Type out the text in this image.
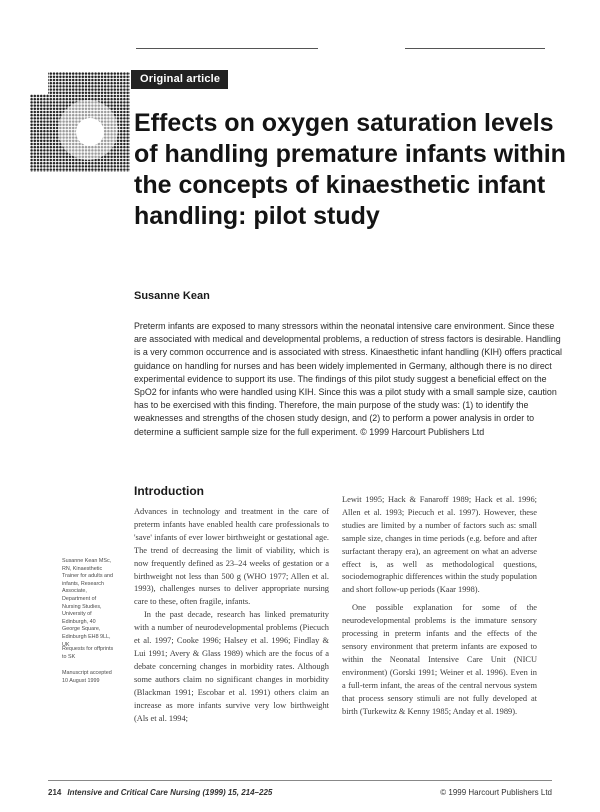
Original article
Effects on oxygen saturation levels of handling premature infants within the concepts of kinaesthetic infant handling: pilot study
Susanne Kean

Preterm infants are exposed to many stressors within the neonatal intensive care environment. Since these are associated with medical and developmental problems, a reduction of stress factors is desirable. Handling is a very common occurrence and is associated with stress. Kinaesthetic infant handling (KIH) offers practical guidance on handling for nurses and has been widely implemented in Germany, although there is no direct experimental evidence to support its use. The findings of this pilot study suggest a beneficial effect on the SpO2 for infants who were handled using KIH. Since this was a pilot study with a small sample size, caution has to be exercised with this finding. Therefore, the main purpose of the study was: (1) to identify the weaknesses and strengths of the chosen study design, and (2) to perform a power analysis in order to determine a sufficient sample size for the full experiment. © 1999 Harcourt Publishers Ltd

Introduction

Advances in technology and treatment in the care of preterm infants have enabled health care professionals to 'save' infants of ever lower birthweight or gestational age. The trend of decreasing the limit of viability, which is now frequently defined as 23–24 weeks of gestation or a birthweight not less than 500 g (WHO 1977; Allen et al. 1993), challenges nurses to deliver appropriate nursing care to these, often fragile, infants.

In the past decade, research has linked prematurity with a number of neurodevelopmental problems (Piecuch et al. 1997; Cooke 1996; Halsey et al. 1996; Findlay & Lui 1991; Avery & Glass 1989) which are the focus of a debate concerning changes in morbidity rates. Although some authors claim no significant changes in morbidity (Blackman 1991; Escobar et al. 1991) others claim an increase as more infants survive very low birthweight (Als et al. 1994;

Lewit 1995; Hack & Fanaroff 1989; Hack et al. 1996; Allen et al. 1993; Piecuch et al. 1997). However, these studies are limited by a number of factors such as: small sample size, changes in time periods (e.g. before and after surfactant therapy era), an agreement on what an adverse effect is, as well as methodological questions, sociodemographic differences within the study population and short follow-up periods (Kaar 1998).

One possible explanation for some of the neurodevelopmental problems is the immature sensory processing in preterm infants and the effects of the sensory environment that preterm infants are exposed to within the Neonatal Intensive Care Unit (NICU environment) (Gorski 1991; Weiner et al. 1996). Even in a full-term infant, the areas of the central nervous system that process sensory stimuli are not fully developed at birth (Turkewitz & Kenny 1985; Anday et al. 1989).

Susanne Kean MSc, RN, Kinaesthetic Trainer for adults and infants, Research Associate, Department of Nursing Studies, University of Edinburgh, 40 George Square, Edinburgh EH8 9LL, UK

Requests for offprints to SK

Manuscript accepted 10 August 1999

214 Intensive and Critical Care Nursing (1999) 15, 214–225	© 1999 Harcourt Publishers Ltd
